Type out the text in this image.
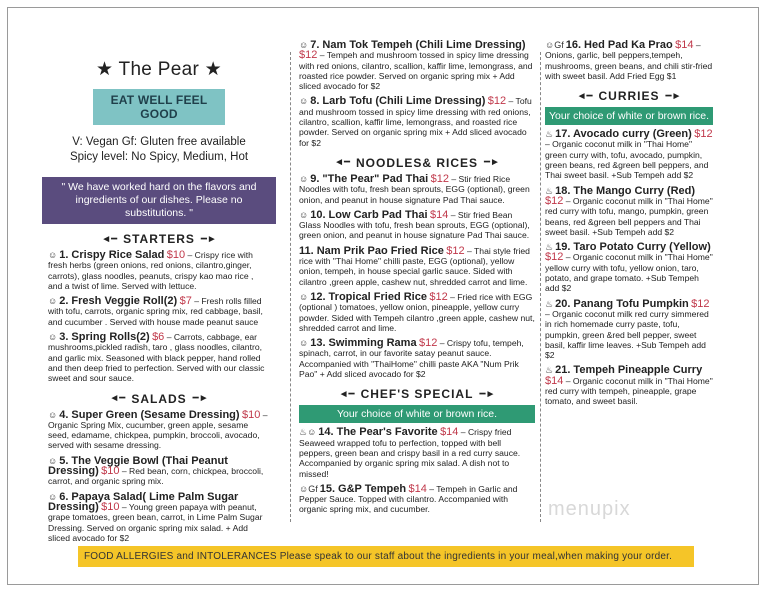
★ The Pear ★
EAT WELL FEEL GOOD
V: Vegan Gf: Gluten free available
Spicy level: No Spicy, Medium, Hot
" We have worked hard on the flavors and ingredients of our dishes. Please no substitutions. "
◄━ STARTERS ━►
☺ 1. Crispy Rice Salad $10 – Crispy rice with fresh herbs (green onions, red onions, cilantro,ginger, carrots), glass noodles, peanuts, crispy kao mao rice , and a twist of lime. Served with lettuce.
☺ 2. Fresh Veggie Roll(2) $7 – Fresh rolls filled with tofu, carrots, organic spring mix, red cabbage, basil, and cucumber . Served with house made peanut sauce
☺ 3. Spring Rolls(2) $6 – Carrots, cabbage, ear mushrooms,pickled radish, taro , glass noodles, cilantro, and garlic mix. Seasoned with black pepper, hand rolled and then deep fried to perfection. Served with our classic sweet and sour sauce.
◄━ SALADS ━►
☺ 4. Super Green (Sesame Dressing) $10 – Organic Spring Mix, cucumber, green apple, sesame seed, edamame, chickpea, pumpkin, broccoli, avocado, served with sesame dressing.
☺ 5. The Veggie Bowl (Thai Peanut Dressing) $10 – Red bean, corn, chickpea, broccoli, carrot, and organic spring mix.
☺ 6. Papaya Salad( Lime Palm Sugar Dressing) $10 – Young green papaya with peanut, grape tomatoes, green bean, carrot, in Lime Palm Sugar Dressing. Served on organic spring mix salad. + Add sliced avocado for $2
☺ 7. Nam Tok Tempeh (Chili Lime Dressing) $12 – Tempeh and mushroom tossed in spicy lime dressing with red onions, cilantro, scallion, kaffir lime, lemongrass, and roasted rice powder. Served on organic spring mix + Add sliced avocado for $2
☺ 8. Larb Tofu (Chili Lime Dressing) $12 – Tofu and mushroom tossed in spicy lime dressing with red onions, cilantro, scallion, kaffir lime, lemongrass, and roasted rice powder. Served on organic spring mix + Add sliced avocado for $2
◄━ NOODLES& RICES ━►
☺ 9. "The Pear" Pad Thai $12 – Stir fried Rice Noodles with tofu, fresh bean sprouts, EGG (optional), green onion, and peanut in house signature Pad Thai sauce.
☺ 10. Low Carb Pad Thai $14 – Stir fried Bean Glass Noodles with tofu, fresh bean sprouts, EGG (optional), green onion, and peanut in house signature Pad Thai sauce.
11. Nam Prik Pao Fried Rice $12 – Thai style fried rice with "Thai Home" chilli paste, EGG (optional), yellow onion, tempeh, in house special garlic sauce. Sided with cilantro ,green apple, cashew nut, shredded carrot and lime.
☺ 12. Tropical Fried Rice $12 – Fried rice with EGG (optional ) tomatoes, yellow onion, pineapple, yellow curry powder. Sided with Tempeh cilantro ,green apple, cashew nut, shredded carrot and lime.
☺ 13. Swimming Rama $12 – Crispy tofu, tempeh, spinach, carrot, in our favorite satay peanut sauce. Accompanied with "ThaiHome" chilli paste AKA "Num Prik Pao" + Add sliced avocado for $2
◄━ CHEF'S SPECIAL ━►
Your choice of white or brown rice.
♨☺ 14. The Pear's Favorite $14 – Crispy fried Seaweed wrapped tofu to perfection, topped with bell peppers, green bean and crispy basil in a red curry sauce. Accompanied by organic spring mix salad. A dish not to missed!
☺Gf 15. G&P Tempeh $14 – Tempeh in Garlic and Pepper Sauce. Topped with cilantro. Accompanied with organic spring mix, and cucumber.
☺Gf 16. Hed Pad Ka Prao $14 – Onions, garlic, bell peppers,tempeh, mushrooms, green beans, and chili stir-fried with sweet basil. Add Fried Egg $1
◄━ CURRIES ━►
Your choice of white or brown rice.
♨ 17. Avocado curry (Green) $12 – Organic coconut milk in "Thai Home" green curry with, tofu, avocado, pumpkin, green beans, red &green bell peppers, and Thai sweet basil. +Sub Tempeh add $2
♨ 18. The Mango Curry (Red) $12 – Organic coconut milk in "Thai Home" red curry with tofu, mango, pumpkin, green beans, red &green bell peppers and Thai sweet basil. +Sub Tempeh add $2
♨ 19. Taro Potato Curry (Yellow) $12 – Organic coconut milk in "Thai Home" yellow curry with tofu, yellow onion, taro, potato, and grape tomato. +Sub Tempeh add $2
♨ 20. Panang Tofu Pumpkin $12 – Organic coconut milk red curry simmered in rich homemade curry paste, tofu, pumpkin, green &red bell pepper, sweet basil, kaffir lime leaves. +Sub Tempeh add $2
♨ 21. Tempeh Pineapple Curry $14 – Organic coconut milk in "Thai Home" red curry with tempeh, pineapple, grape tomato, and sweet basil.
menupix
FOOD ALLERGIES and INTOLERANCES Please speak to our staff about the ingredients in your meal,when making your order.
